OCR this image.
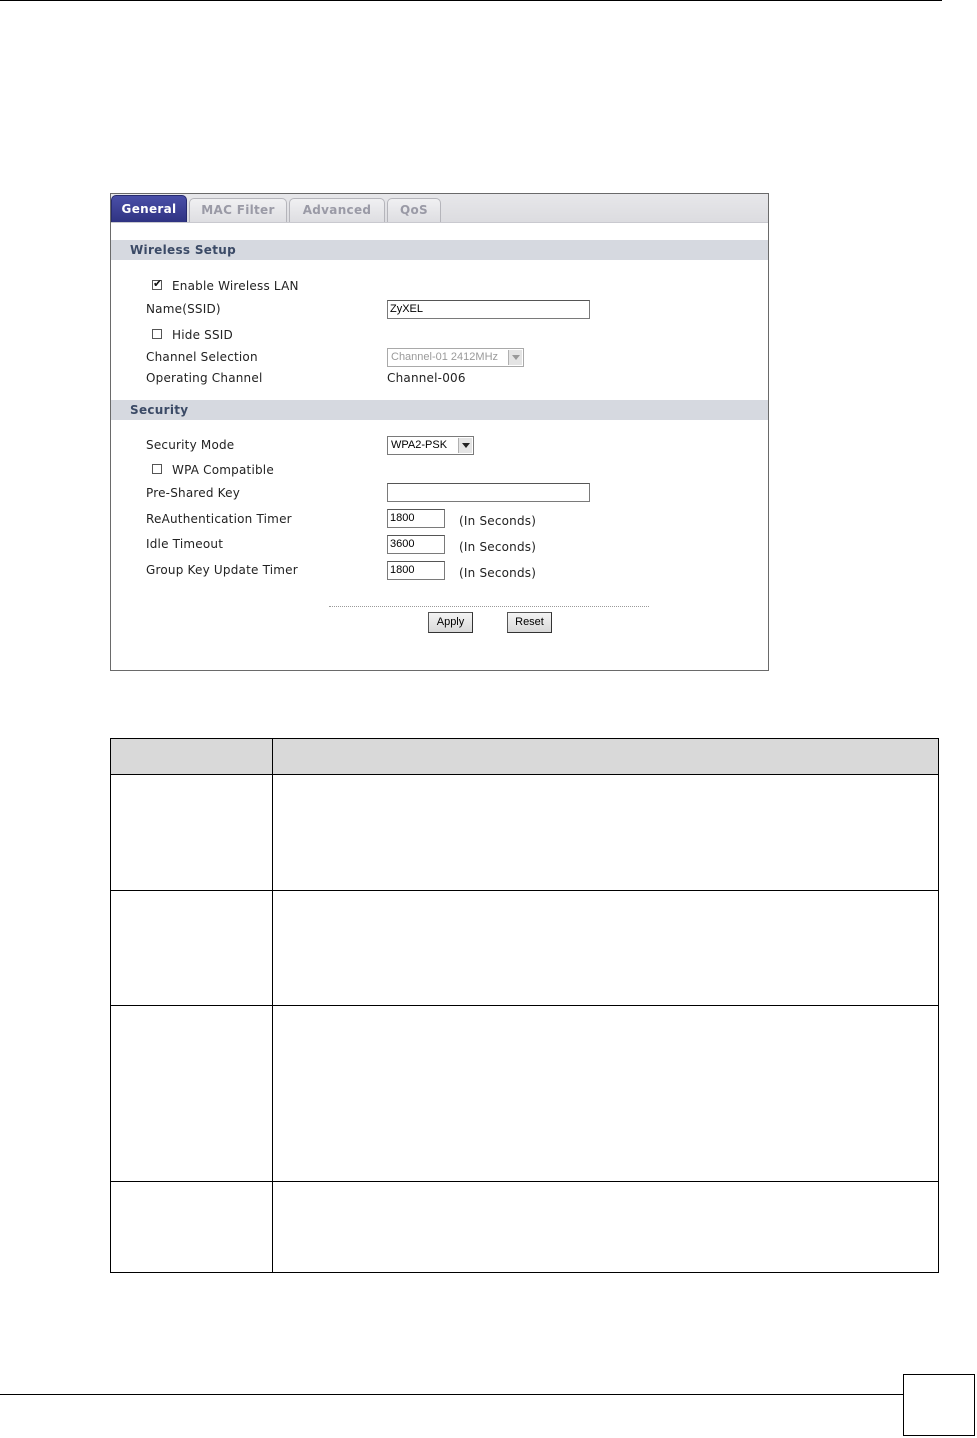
General	MAC Filter	Advanced	QoS
Wireless Setup
✔
Enable Wireless LAN
Name(SSID)	ZyXEL
Hide SSID
Channel Selection	Channel-01 2412MHz
Operating Channel	Channel-006
Security
Security Mode	WPA2-PSK
WPA Compatible
Pre-Shared Key
ReAuthentication Timer	1800	(In Seconds)
Idle Timeout	3600	(In Seconds)
Group Key Update Timer	1800	(In Seconds)
Apply	Reset
